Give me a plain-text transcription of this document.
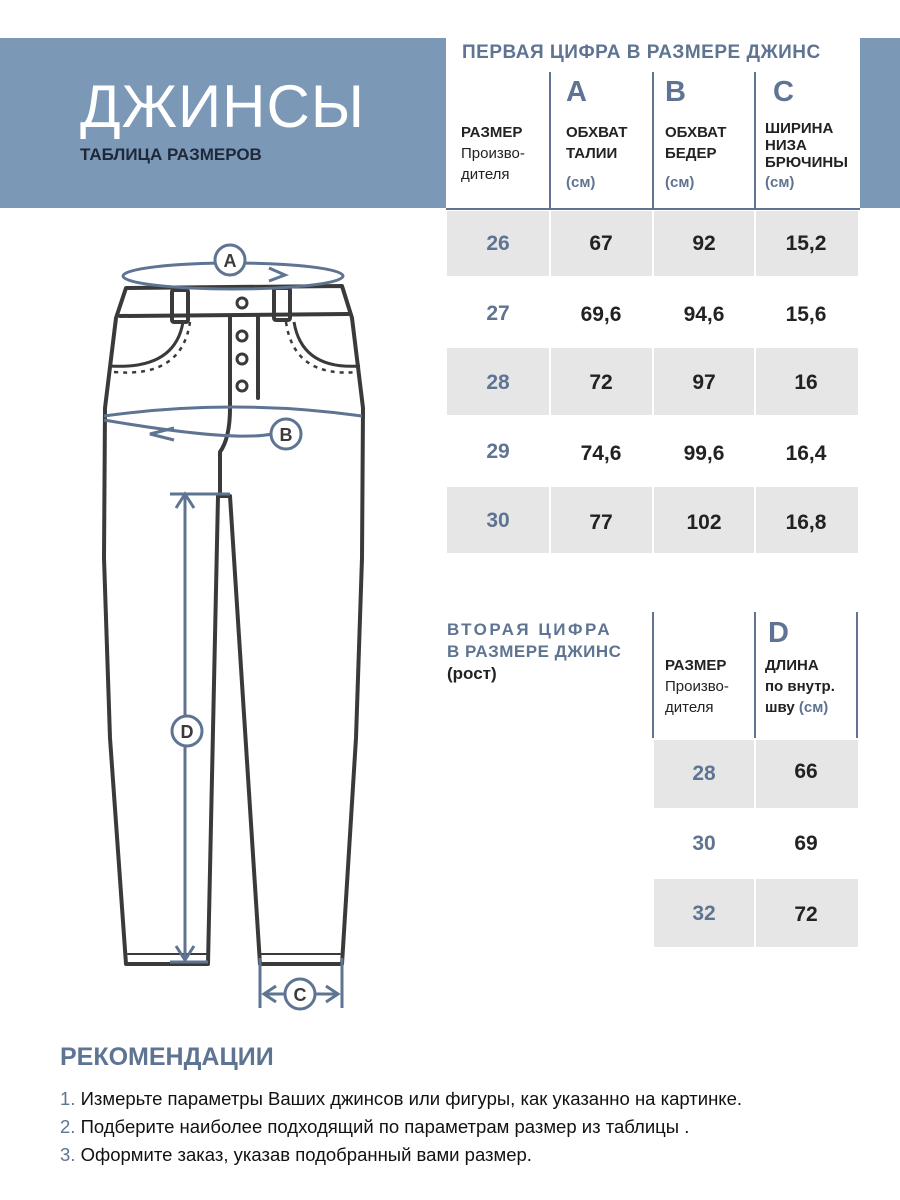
ДЖИНСЫ
ТАБЛИЦА РАЗМЕРОВ
ПЕРВАЯ ЦИФРА В РАЗМЕРЕ ДЖИНС
РАЗМЕР
Произво-
дителя
A
ОБХВАТ
ТАЛИИ
(см)
B
ОБХВАТ
БЕДЕР
(см)
C
ШИРИНА
НИЗА
БРЮЧИНЫ
(см)
26	67	92	15,2
27	69,6	94,6	15,6
28	72	97	16
29	74,6	99,6	16,4
30	77	102	16,8
ВТОРАЯ ЦИФРА
В РАЗМЕРЕ ДЖИНС
(рост)	РАЗМЕР
Произво-
дителя
D
ДЛИНА
по внутр.
шву (см)
28	66
30	69
32	72
A
B
C
D
РЕКОМЕНДАЦИИ
1. Измерьте параметры Ваших джинсов или фигуры, как указанно на картинке.
2. Подберите наиболее подходящий по параметрам размер из таблицы .
3. Оформите заказ, указав подобранный вами размер.
